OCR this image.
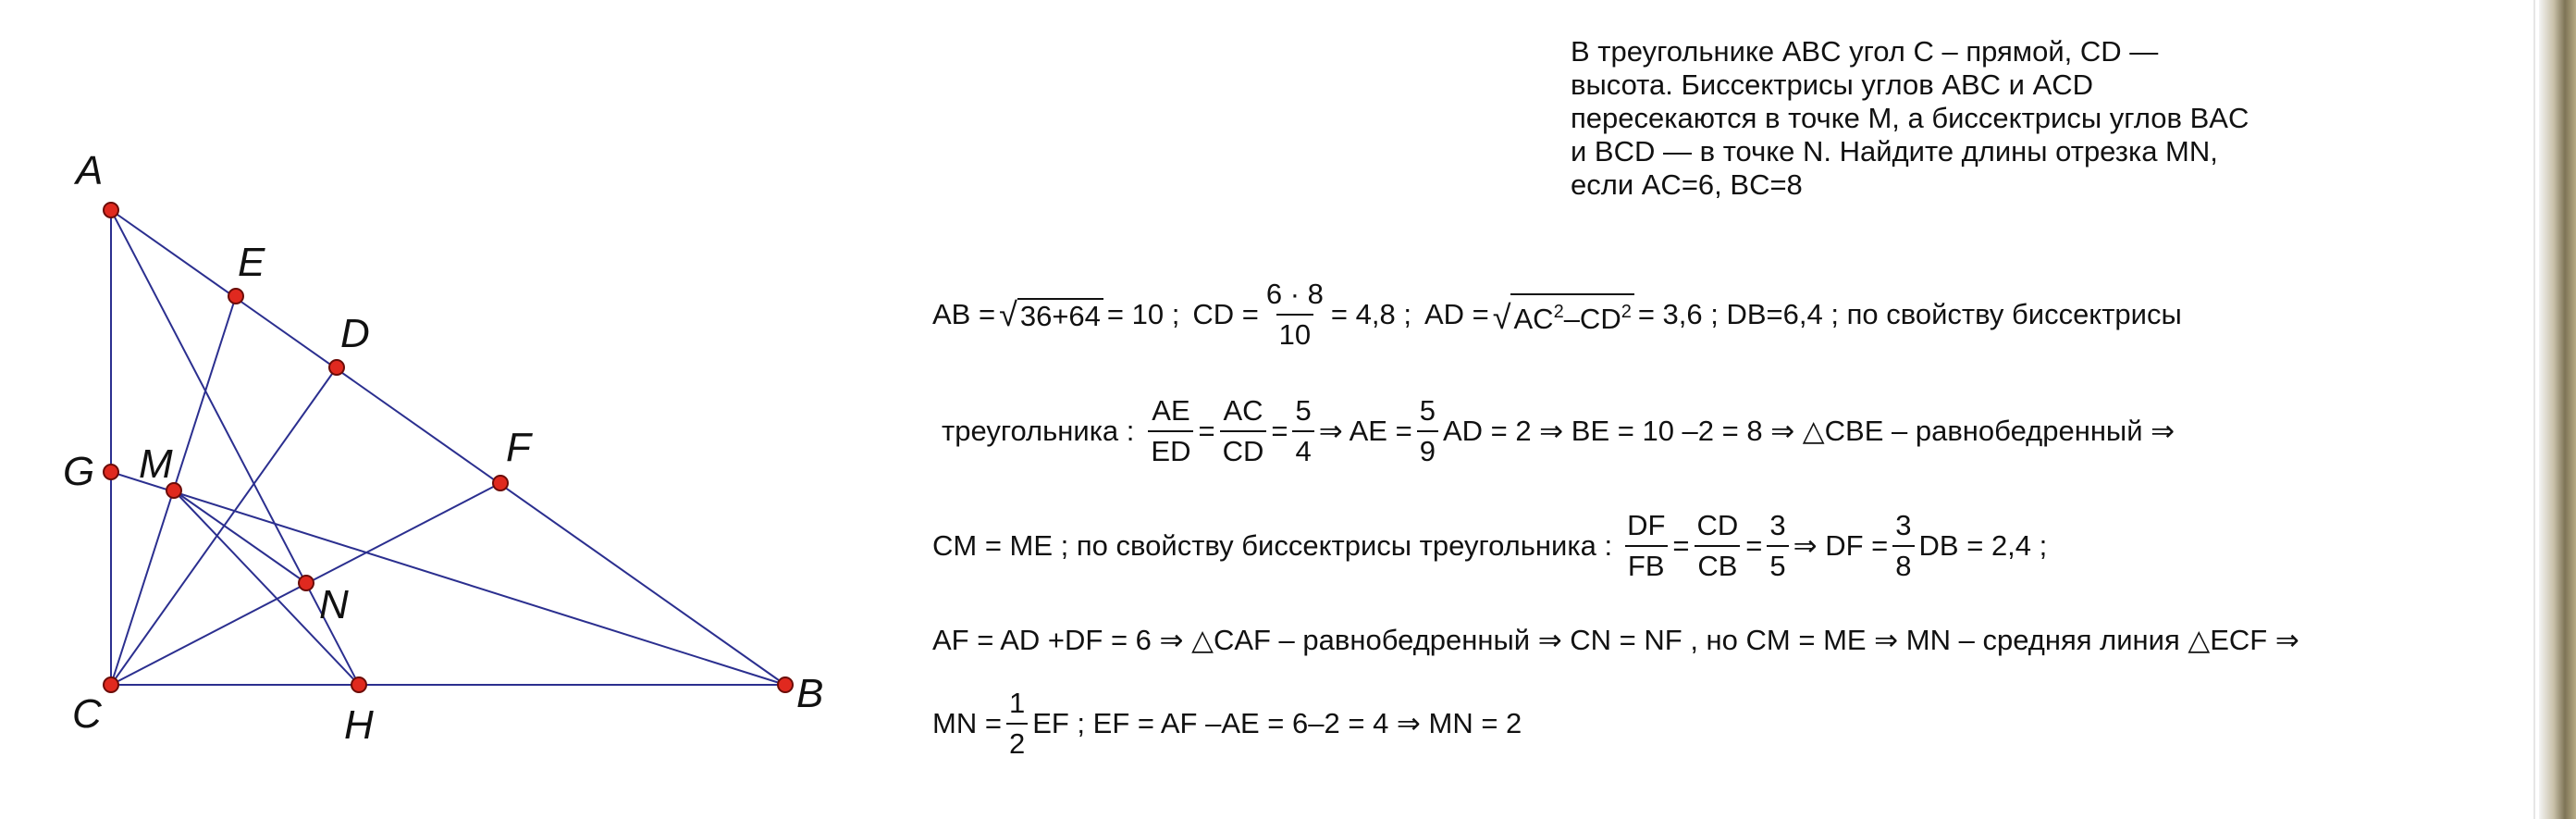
A
E
D
F
G M
N
C	H
B
В треугольнике ABC угол C – прямой, CD —
высота. Биссектрисы углов ABC и ACD
пересекаются в точке M, а биссектрисы углов BAC
и BCD — в точке N. Найдите длины отрезка MN,
если AC=6, BC=8
AB = √ 36+64 = 10 ; CD = $\frac{6 \cdot 8}{10} = 4,8$ ; AD = √ $AC^2-CD^2 = 3,6$ ; DB=6,4 ; по свойству биссектрисы
треугольника : $\frac{AE}{ED} = \frac{AC}{CD} = \frac{5}{4}$ ⇒ AE = $\frac{5}{9}$ AD = 2 ⇒ BE = 10 –2 = 8 ⇒ △CBE – равнобедренный ⇒
CM = ME ; по свойству биссектрисы треугольника : $\frac{DF}{FB} = \frac{CD}{CB} = \frac{3}{5}$ ⇒ DF = $\frac{3}{8}$ DB = 2,4 ;
AF = AD +DF = 6 ⇒ △CAF – равнобедренный ⇒ CN = NF , но CM = ME ⇒ MN – средняя линия △ECF ⇒
MN = $\frac{1}{2}$ EF ; EF = AF –AE = 6–2 = 4 ⇒ MN = 2
